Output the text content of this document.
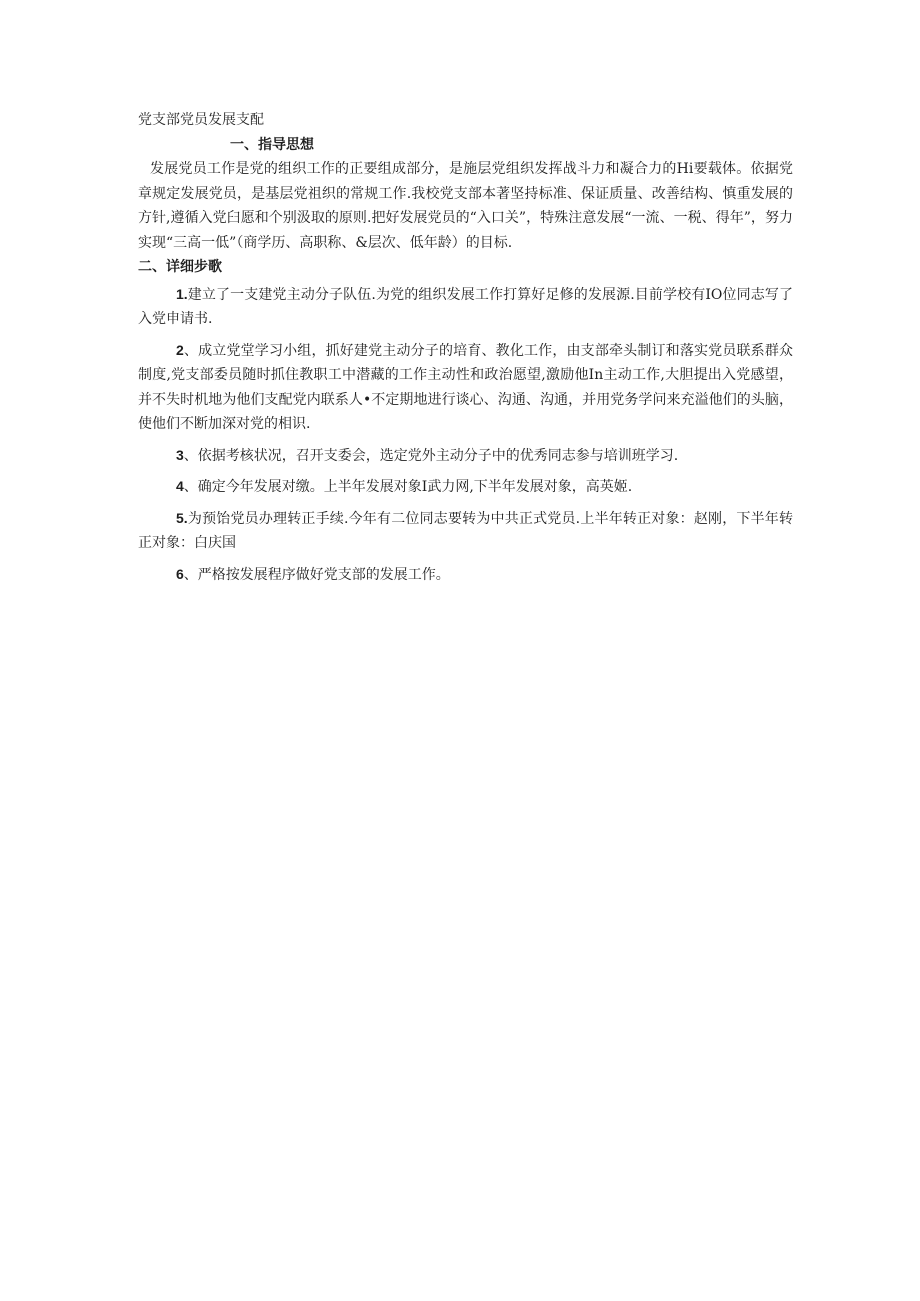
党支部党员发展支配
一、指导思想

发展党员工作是党的组织工作的正要组成部分，是施层党组织发挥战斗力和凝合力的Hi要载体。依据党章规定发展党员，是基层党祖织的常规工作.我校党支部本著坚持标准、保证质量、改善结构、慎重发展的方针,遵循入党臼愿和个别汲取的原则.把好发展党员的“入口关”，特殊注意发展“一流、一税、得年”，努力实现“三高一低”（商学历、高职称、&层次、低年龄）的目标.

二、详细步歌

1.建立了一支建党主动分子队伍.为党的组织发展工作打算好足修的发展源.目前学校有IO位同志写了入党申请书.

2、成立党堂学习小组，抓好建党主动分子的培育、教化工作，由支部牵头制订和落实党员联系群众制度,党支部委员随时抓住教职工中潜藏的工作主动性和政治愿望,激励他In主动工作,大胆提出入党感望，并不失时机地为他们支配党内联系人•不定期地进行谈心、沟通、沟通，并用党务学问来充溢他们的头脑，使他们不断加深对党的相识.

3、依据考核状况，召开支委会，选定党外主动分子中的优秀同志参与培训班学习.

4、确定今年发展对缴。上半年发展对象I武力网,下半年发展对象，高英姬.

5.为预饴党员办理转正手续.今年有二位同志要转为中共正式党员.上半年转正对象：赵刚，下半年转正对象：白庆国

6、严格按发展程序做好党支部的发展工作。
